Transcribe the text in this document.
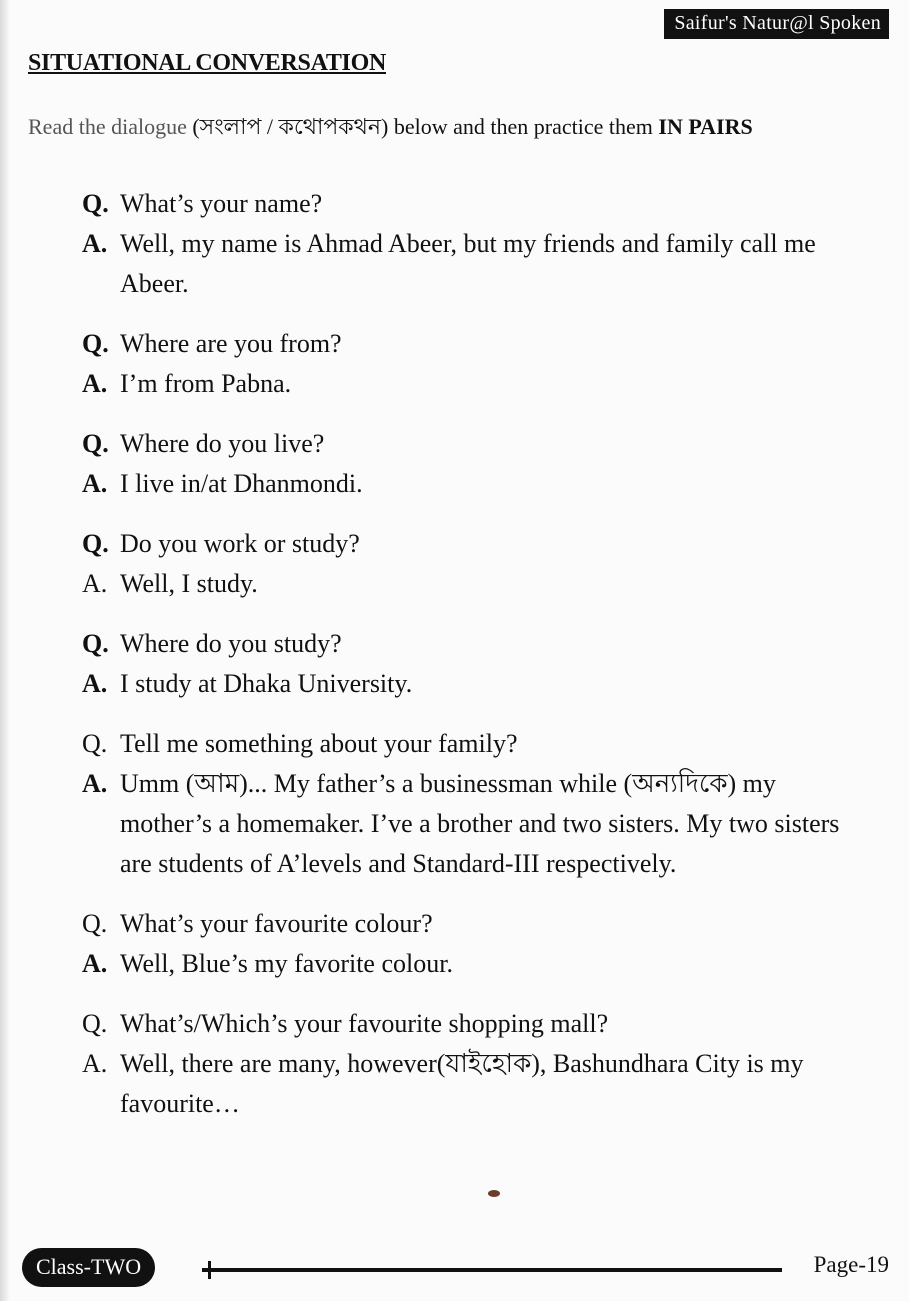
Saifur's Natur@l Spoken
SITUATIONAL CONVERSATION
Read the dialogue (সংলাপ / কথোপকথন) below and then practice them IN PAIRS
Q. What’s your name?
A. Well, my name is Ahmad Abeer, but my friends and family call me Abeer.
Q. Where are you from?
A. I’m from Pabna.
Q. Where do you live?
A. I live in/at Dhanmondi.
Q. Do you work or study?
A. Well, I study.
Q. Where do you study?
A. I study at Dhaka University.
Q. Tell me something about your family?
A. Umm (আম)... My father’s a businessman while (অন্যদিকে) my mother’s a homemaker. I’ve a brother and two sisters. My two sisters are students of A’levels and Standard-III respectively.
Q. What’s your favourite colour?
A. Well, Blue’s my favorite colour.
Q. What’s/Which’s your favourite shopping mall?
A. Well, there are many, however(যাইহোক), Bashundhara City is my favourite…
Class-TWO	Page-19
